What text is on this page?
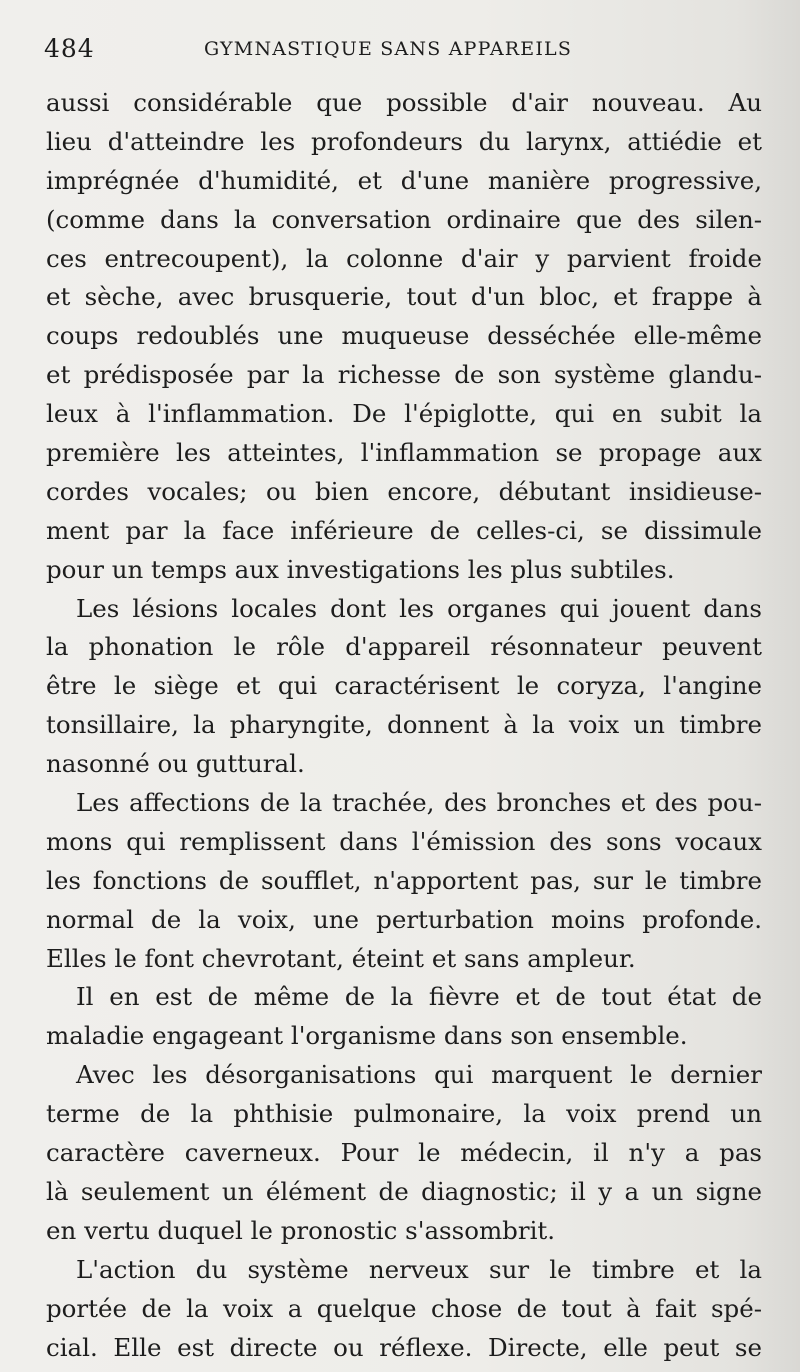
484	GYMNASTIQUE SANS APPAREILS
aussi considérable que possible d'air nouveau. Au
lieu d'atteindre les profondeurs du larynx, attiédie et
imprégnée d'humidité, et d'une manière progressive,
(comme dans la conversation ordinaire que des silen-
ces entrecoupent), la colonne d'air y parvient froide
et sèche, avec brusquerie, tout d'un bloc, et frappe à
coups redoublés une muqueuse desséchée elle-même
et prédisposée par la richesse de son système glandu-
leux à l'inflammation. De l'épiglotte, qui en subit la
première les atteintes, l'inflammation se propage aux
cordes vocales; ou bien encore, débutant insidieuse-
ment par la face inférieure de celles-ci, se dissimule
pour un temps aux investigations les plus subtiles.
Les lésions locales dont les organes qui jouent dans
la phonation le rôle d'appareil résonnateur peuvent
être le siège et qui caractérisent le coryza, l'angine
tonsillaire, la pharyngite, donnent à la voix un timbre
nasonné ou guttural.
Les affections de la trachée, des bronches et des pou-
mons qui remplissent dans l'émission des sons vocaux
les fonctions de soufflet, n'apportent pas, sur le timbre
normal de la voix, une perturbation moins profonde.
Elles le font chevrotant, éteint et sans ampleur.
Il en est de même de la fièvre et de tout état de
maladie engageant l'organisme dans son ensemble.
Avec les désorganisations qui marquent le dernier
terme de la phthisie pulmonaire, la voix prend un
caractère caverneux. Pour le médecin, il n'y a pas
là seulement un élément de diagnostic; il y a un signe
en vertu duquel le pronostic s'assombrit.
L'action du système nerveux sur le timbre et la
portée de la voix a quelque chose de tout à fait spé-
cial. Elle est directe ou réflexe. Directe, elle peut se
